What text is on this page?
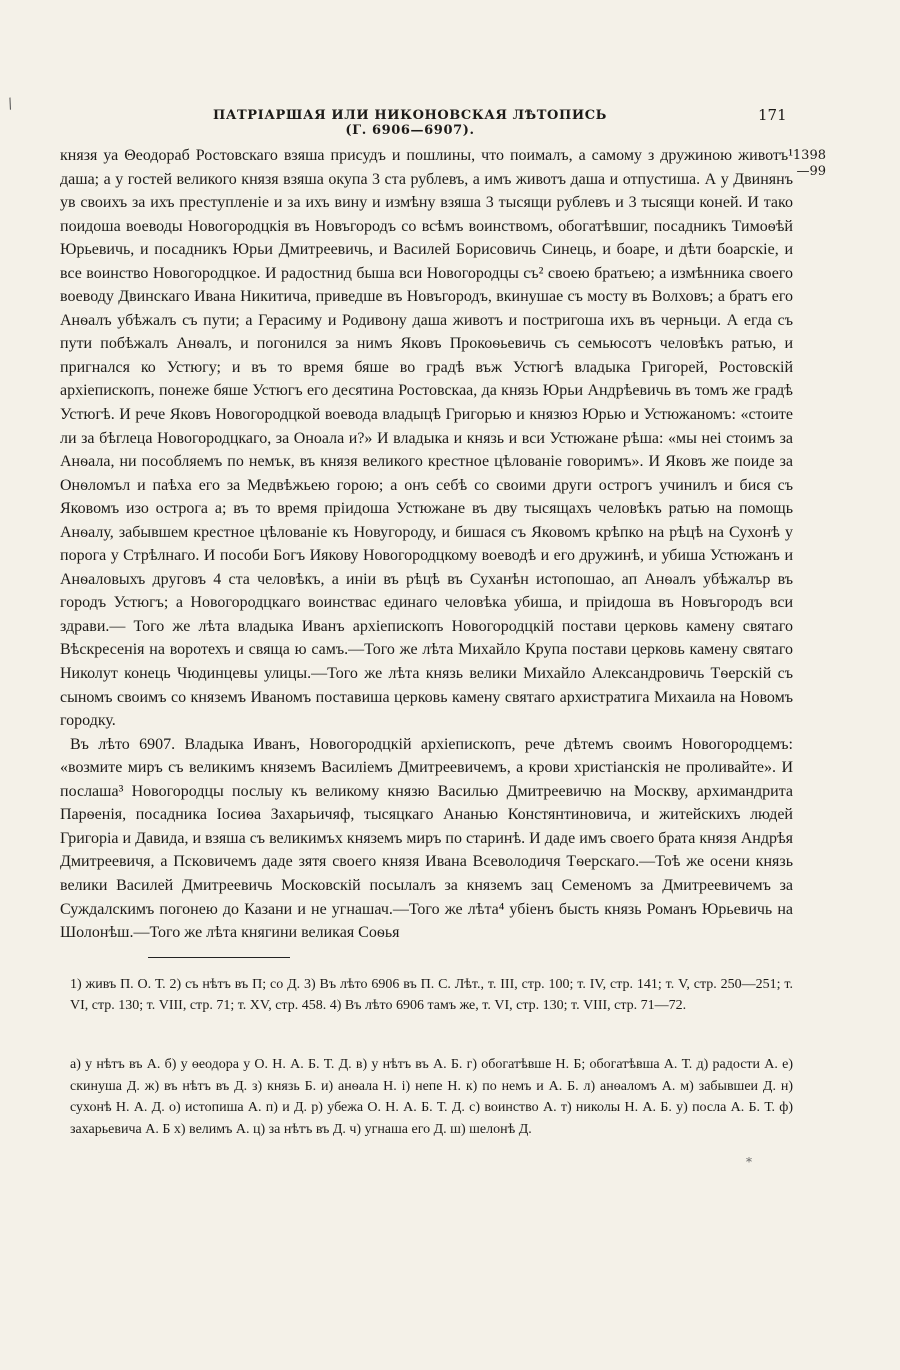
/
ПАТРIАРШАЯ ИЛИ НИКОНОВСКАЯ ЛѢТОПИСЬ (Г. 6906—6907).
171
1398
—99

князя уа Θеодораб Ростовскаго взяша присудъ и пошлины, что поималъ, а самому з дружиною животъ¹ даша; а у гостей великого князя взяша окупа 3 ста рублевъ, а имъ животъ даша и отпустиша. А у Двинянъ ув своихъ за ихъ преступленіе и за ихъ вину и измѣну взяша 3 тысящи рублевъ и 3 тысящи коней. И тако поидоша воеводы Новогородцкія въ Новъгородъ со всѣмъ воинствомъ, обогатѣвшиг, посадникъ Тимоѳѣй Юрьевичь, и посадникъ Юрьи Дмитреевичь, и Василей Борисовичь Синець, и боаре, и дѣти боарскіе, и все воинство Новогородцкое. И радостнид быша вси Новогородцы съ² своею братьею; а измѣнника своего воеводу Двинскаго Ивана Никитича, приведше въ Новъгородъ, вкинушае съ мосту въ Волховъ; а братъ его Анѳалъ убѣжалъ съ пути; а Герасиму и Родивону даша животъ и постригоша ихъ въ черньци. А егда съ пути побѣжалъ Анѳалъ, и погонился за нимъ Яковъ Прокоѳьевичь съ семьюсотъ человѣкъ ратью, и пригнался ко Устюгу; и въ то время бяше во градѣ въж Устюгѣ владыка Григорей, Ростовскій архіепископъ, понеже бяше Устюгъ его десятина Ростовскаа, да князь Юрьи Андрѣевичь въ томъ же градѣ Устюгѣ. И рече Яковъ Новогородцкой воевода владыцѣ Григорью и князюз Юрью и Устюжаномъ: «стоите ли за бѣглеца Новогородцкаго, за Оноала и?» И владыка и князь и вси Устюжане рѣша: «мы неі стоимъ за Анѳала, ни пособляемъ по немък, въ князя великого крестное цѣлованіе говоримъ». И Яковъ же поиде за Онѳломъл и паѣха его за Медвѣжьею горою; а онъ себѣ со своими други острогъ учинилъ и бися съ Яковомъ изо острога а; въ то время пріидоша Устюжане въ дву тысящахъ человѣкъ ратью на помощь Анѳалу, забывшем крестное цѣлованіе къ Новугороду, и бишася съ Яковомъ крѣпко на рѣцѣ на Сухонѣ у порога у Стрѣлнаго. И пособи Богъ Иякову Новогородцкому воеводѣ и его дружинѣ, и убиша Устюжанъ и Анѳаловыхъ друговъ 4 ста человѣкъ, а иніи въ рѣцѣ въ Суханѣн истопошао, ап Анѳалъ убѣжалър въ городъ Устюгъ; а Новогородцкаго воинствас единаго человѣка убиша, и пріидоша въ Новъгородъ вси здрави.— Того же лѣта владыка Иванъ архіепископъ Новогородцкій постави церковь камену святаго Вѣскресенія на воротехъ и свяща ю самъ.—Того же лѣта Михайло Крупа постави церковь камену святаго Николут конець Чюдинцевы улицы.—Того же лѣта князь велики Михайло Александровичь Тѳерскій съ сыномъ своимъ со княземъ Иваномъ поставиша церковь камену святаго архистратига Михаила на Новомъ городку.

Въ лѣто 6907. Владыка Иванъ, Новогородцкій архіепископъ, рече дѣтемъ своимъ Новогородцемъ: «возмите миръ съ великимъ княземъ Василіемъ Дмитреевичемъ, а крови христіанскія не проливайте». И послаша³ Новогородцы послыу къ великому князю Василью Дмитреевичю на Москву, архимандрита Парѳенія, посадника Іосиѳа Захарьичяф, тысяцкаго Ананью Констянтиновича, и житейскихъ людей Григоріа и Давида, и взяша съ великимъх княземъ миръ по старинѣ. И даде имъ своего брата князя Андрѣя Дмитреевичя, а Псковичемъ даде зятя своего князя Ивана Всеволодичя Тѳерскаго.—Тоѣ же осени князь велики Василей Дмитреевичь Московскій посылалъ за княземъ зац Семеномъ за Дмитреевичемъ за Суждалскимъ погонею до Казани и не угнашач.—Того же лѣта⁴ убіенъ бысть князь Романъ Юрьевичь на Шолонѣш.—Того же лѣта княгини великая Соѳья

1) живъ П. О. Т. 2) съ нѣтъ въ П; со Д. 3) Въ лѣто 6906 въ П. С. Лѣт., т. III, стр. 100; т. IV, стр. 141; т. V, стр. 250—251; т. VI, стр. 130; т. VIII, стр. 71; т. XV, стр. 458. 4) Въ лѣто 6906 тамъ же, т. VI, стр. 130; т. VIII, стр. 71—72.

а) у нѣтъ въ А. б) у ѳеодора у О. Н. А. Б. Т. Д. в) у нѣтъ въ А. Б. г) обогатѣвше Н. Б; обогатѣвша А. Т. д) радости А. е) скинуша Д. ж) въ нѣтъ въ Д. з) князь Б. и) анѳала Н. і) непе Н. к) по немъ и А. Б. л) анѳаломъ А. м) забывшеи Д. н) сухонѣ Н. А. Д. о) истопиша А. п) и Д. р) убежа О. Н. А. Б. Т. Д. с) воинство А. т) николы Н. А. Б. у) посла А. Б. Т. ф) захарьевича А. Б х) велимъ А. ц) за нѣтъ въ Д. ч) угнаша его Д. ш) шелонѣ Д.

*
